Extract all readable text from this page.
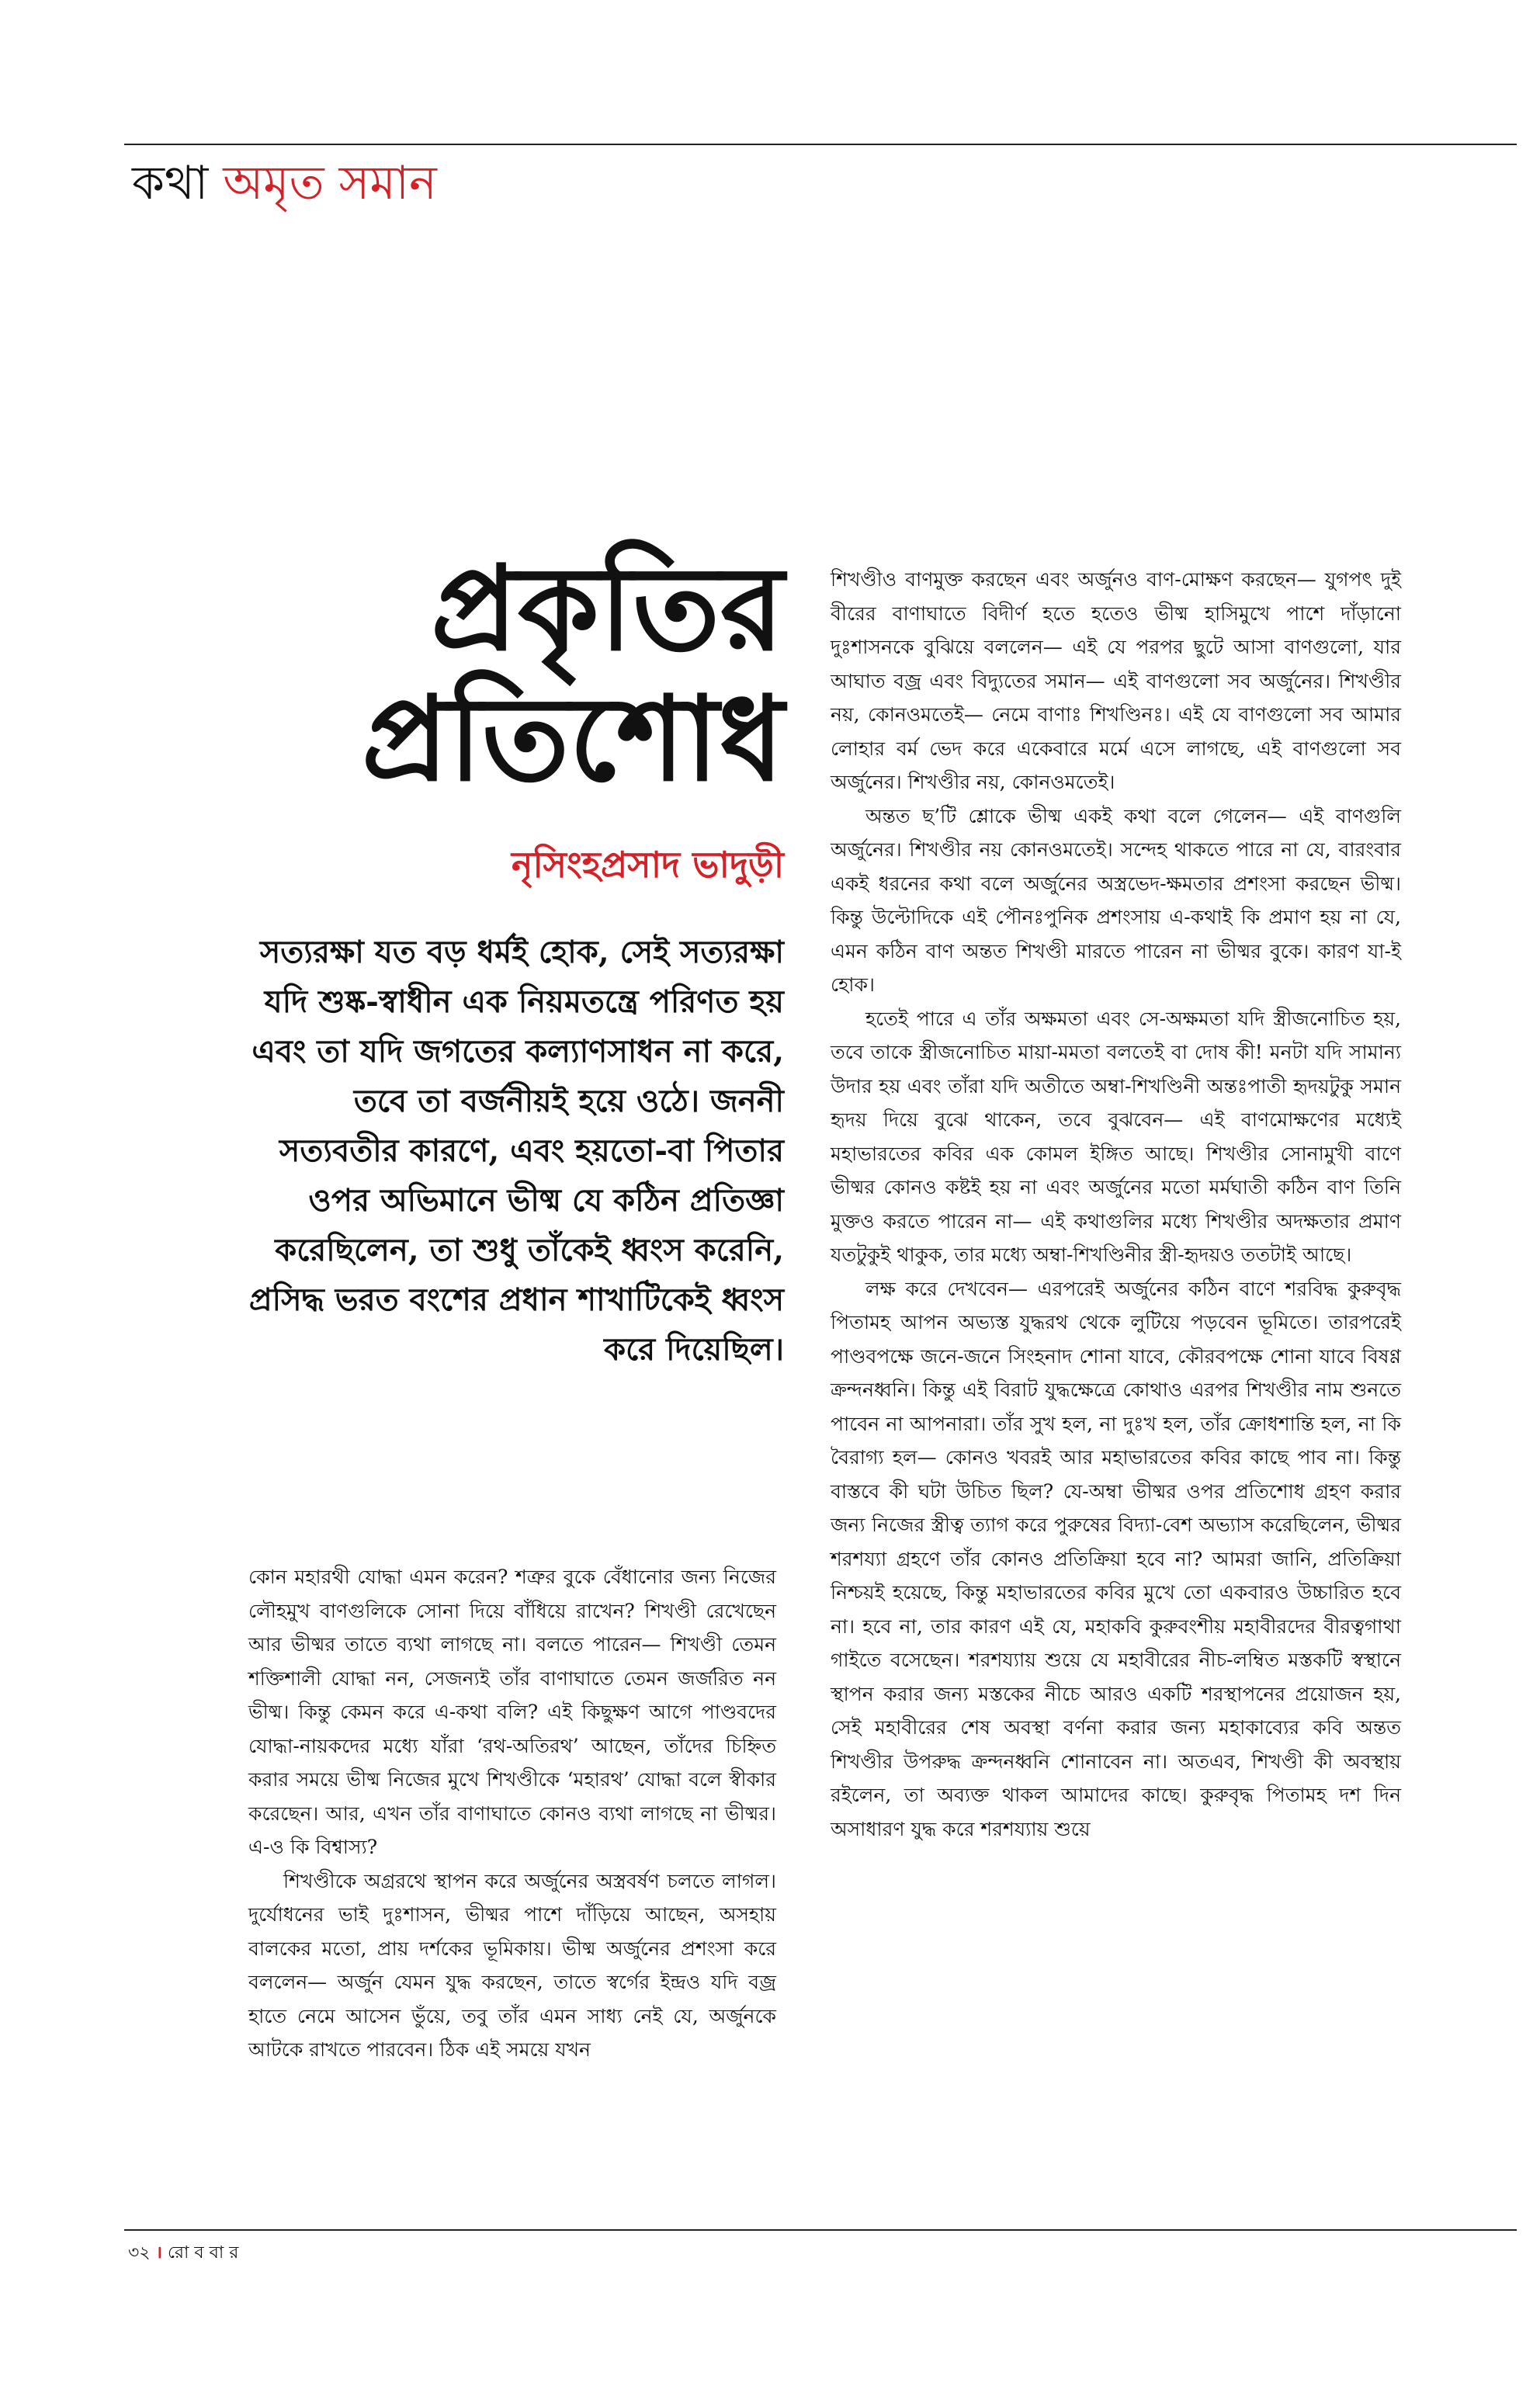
কথা অমৃত সমান
প্রকৃতির
প্রতিশোধ
নৃসিংহপ্রসাদ ভাদুড়ী

সত্যরক্ষা যত বড় ধর্মই হোক, সেই সত্যরক্ষা যদি শুষ্ক-স্বাধীন এক নিয়মতন্ত্রে পরিণত হয় এবং তা যদি জগতের কল্যাণসাধন না করে, তবে তা বর্জনীয়ই হয়ে ওঠে। জননী সত্যবতীর কারণে, এবং হয়তো-বা পিতার ওপর অভিমানে ভীষ্ম যে কঠিন প্রতিজ্ঞা করেছিলেন, তা শুধু তাঁকেই ধ্বংস করেনি, প্রসিদ্ধ ভরত বংশের প্রধান শাখাটিকেই ধ্বংস করে দিয়েছিল।

কোন মহারথী যোদ্ধা এমন করেন? শত্রুর বুকে বেঁধানোর জন্য নিজের লৌহমুখ বাণগুলিকে সোনা দিয়ে বাঁধিয়ে রাখেন? শিখণ্ডী রেখেছেন আর ভীষ্মর তাতে ব্যথা লাগছে না। বলতে পারেন— শিখণ্ডী তেমন শক্তিশালী যোদ্ধা নন, সেজন্যই তাঁর বাণাঘাতে তেমন জর্জরিত নন ভীষ্ম। কিন্তু কেমন করে এ-কথা বলি? এই কিছুক্ষণ আগে পাণ্ডবদের যোদ্ধা-নায়কদের মধ্যে যাঁরা ‘রথ-অতিরথ’ আছেন, তাঁদের চিহ্নিত করার সময়ে ভীষ্ম নিজের মুখে শিখণ্ডীকে ‘মহারথ’ যোদ্ধা বলে স্বীকার করেছেন। আর, এখন তাঁর বাণাঘাতে কোনও ব্যথা লাগছে না ভীষ্মর। এ-ও কি বিশ্বাস্য?

শিখণ্ডীকে অগ্ররথে স্থাপন করে অর্জুনের অস্ত্রবর্ষণ চলতে লাগল। দুর্যোধনের ভাই দুঃশাসন, ভীষ্মর পাশে দাঁড়িয়ে আছেন, অসহায় বালকের মতো, প্রায় দর্শকের ভূমিকায়। ভীষ্ম অর্জুনের প্রশংসা করে বললেন— অর্জুন যেমন যুদ্ধ করছেন, তাতে স্বর্গের ইন্দ্রও যদি বজ্র হাতে নেমে আসেন ভুঁয়ে, তবু তাঁর এমন সাধ্য নেই যে, অর্জুনকে আটকে রাখতে পারবেন। ঠিক এই সময়ে যখন

শিখণ্ডীও বাণমুক্ত করছেন এবং অর্জুনও বাণ-মোক্ষণ করছেন— যুগপৎ দুই বীরের বাণাঘাতে বিদীর্ণ হতে হতেও ভীষ্ম হাসিমুখে পাশে দাঁড়ানো দুঃশাসনকে বুঝিয়ে বললেন— এই যে পরপর ছুটে আসা বাণগুলো, যার আঘাত বজ্র এবং বিদ্যুতের সমান— এই বাণগুলো সব অর্জুনের। শিখণ্ডীর নয়, কোনওমতেই— নেমে বাণাঃ শিখণ্ডিনঃ। এই যে বাণগুলো সব আমার লোহার বর্ম ভেদ করে একেবারে মর্মে এসে লাগছে, এই বাণগুলো সব অর্জুনের। শিখণ্ডীর নয়, কোনওমতেই।

অন্তত ছ’টি শ্লোকে ভীষ্ম একই কথা বলে গেলেন— এই বাণগুলি অর্জুনের। শিখণ্ডীর নয় কোনওমতেই। সন্দেহ থাকতে পারে না যে, বারংবার একই ধরনের কথা বলে অর্জুনের অস্ত্রভেদ-ক্ষমতার প্রশংসা করছেন ভীষ্ম। কিন্তু উল্টোদিকে এই পৌনঃপুনিক প্রশংসায় এ-কথাই কি প্রমাণ হয় না যে, এমন কঠিন বাণ অন্তত শিখণ্ডী মারতে পারেন না ভীষ্মর বুকে। কারণ যা-ই হোক।

হতেই পারে এ তাঁর অক্ষমতা এবং সে-অক্ষমতা যদি স্ত্রীজনোচিত হয়, তবে তাকে স্ত্রীজনোচিত মায়া-মমতা বলতেই বা দোষ কী! মনটা যদি সামান্য উদার হয় এবং তাঁরা যদি অতীতে অম্বা-শিখণ্ডিনী অন্তঃপাতী হৃদয়টুকু সমান হৃদয় দিয়ে বুঝে থাকেন, তবে বুঝবেন— এই বাণমোক্ষণের মধ্যেই মহাভারতের কবির এক কোমল ইঙ্গিত আছে। শিখণ্ডীর সোনামুখী বাণে ভীষ্মর কোনও কষ্টই হয় না এবং অর্জুনের মতো মর্মঘাতী কঠিন বাণ তিনি মুক্তও করতে পারেন না— এই কথাগুলির মধ্যে শিখণ্ডীর অদক্ষতার প্রমাণ যতটুকুই থাকুক, তার মধ্যে অম্বা-শিখণ্ডিনীর স্ত্রী-হৃদয়ও ততটাই আছে।

লক্ষ করে দেখবেন— এরপরেই অর্জুনের কঠিন বাণে শরবিদ্ধ কুরুবৃদ্ধ পিতামহ আপন অভ্যস্ত যুদ্ধরথ থেকে লুটিয়ে পড়বেন ভূমিতে। তারপরেই পাণ্ডবপক্ষে জনে-জনে সিংহনাদ শোনা যাবে, কৌরবপক্ষে শোনা যাবে বিষণ্ণ ক্রন্দনধ্বনি। কিন্তু এই বিরাট যুদ্ধক্ষেত্রে কোথাও এরপর শিখণ্ডীর নাম শুনতে পাবেন না আপনারা। তাঁর সুখ হল, না দুঃখ হল, তাঁর ক্রোধশান্তি হল, না কি বৈরাগ্য হল— কোনও খবরই আর মহাভারতের কবির কাছে পাব না। কিন্তু বাস্তবে কী ঘটা উচিত ছিল? যে-অম্বা ভীষ্মর ওপর প্রতিশোধ গ্রহণ করার জন্য নিজের স্ত্রীত্ব ত্যাগ করে পুরুষের বিদ্যা-বেশ অভ্যাস করেছিলেন, ভীষ্মর শরশয্যা গ্রহণে তাঁর কোনও প্রতিক্রিয়া হবে না? আমরা জানি, প্রতিক্রিয়া নিশ্চয়ই হয়েছে, কিন্তু মহাভারতের কবির মুখে তো একবারও উচ্চারিত হবে না। হবে না, তার কারণ এই যে, মহাকবি কুরুবংশীয় মহাবীরদের বীরত্বগাথা গাইতে বসেছেন। শরশয্যায় শুয়ে যে মহাবীরের নীচ-লম্বিত মস্তকটি স্বস্থানে স্থাপন করার জন্য মস্তকের নীচে আরও একটি শরস্থাপনের প্রয়োজন হয়, সেই মহাবীরের শেষ অবস্থা বর্ণনা করার জন্য মহাকাব্যের কবি অন্তত শিখণ্ডীর উপরুদ্ধ ক্রন্দনধ্বনি শোনাবেন না। অতএব, শিখণ্ডী কী অবস্থায় রইলেন, তা অব্যক্ত থাকল আমাদের কাছে। কুরুবৃদ্ধ পিতামহ দশ দিন অসাধারণ যুদ্ধ করে শরশয্যায় শুয়ে

৩২ । রো ব বা র
